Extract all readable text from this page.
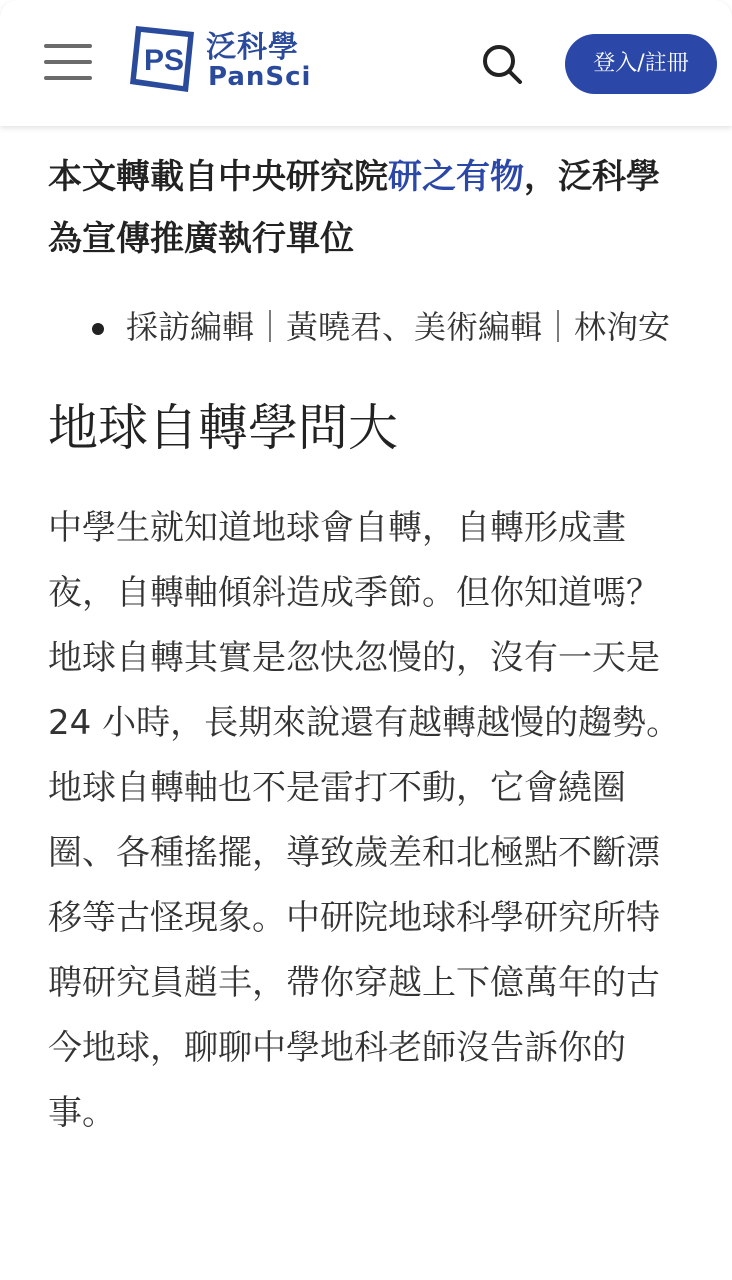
PS 泛科學
PanSci	登入/註冊

本文轉載自中央研究院研之有物，泛科學為宣傳推廣執行單位

採訪編輯｜黃曉君、美術編輯｜林洵安
地球自轉學問大

中學生就知道地球會自轉，自轉形成晝夜，自轉軸傾斜造成季節。但你知道嗎？地球自轉其實是忽快忽慢的，沒有一天是 24 小時，長期來說還有越轉越慢的趨勢。地球自轉軸也不是雷打不動，它會繞圈圈、各種搖擺，導致歲差和北極點不斷漂移等古怪現象。中研院地球科學研究所特聘研究員趙丰，帶你穿越上下億萬年的古今地球，聊聊中學地科老師沒告訴你的事。
